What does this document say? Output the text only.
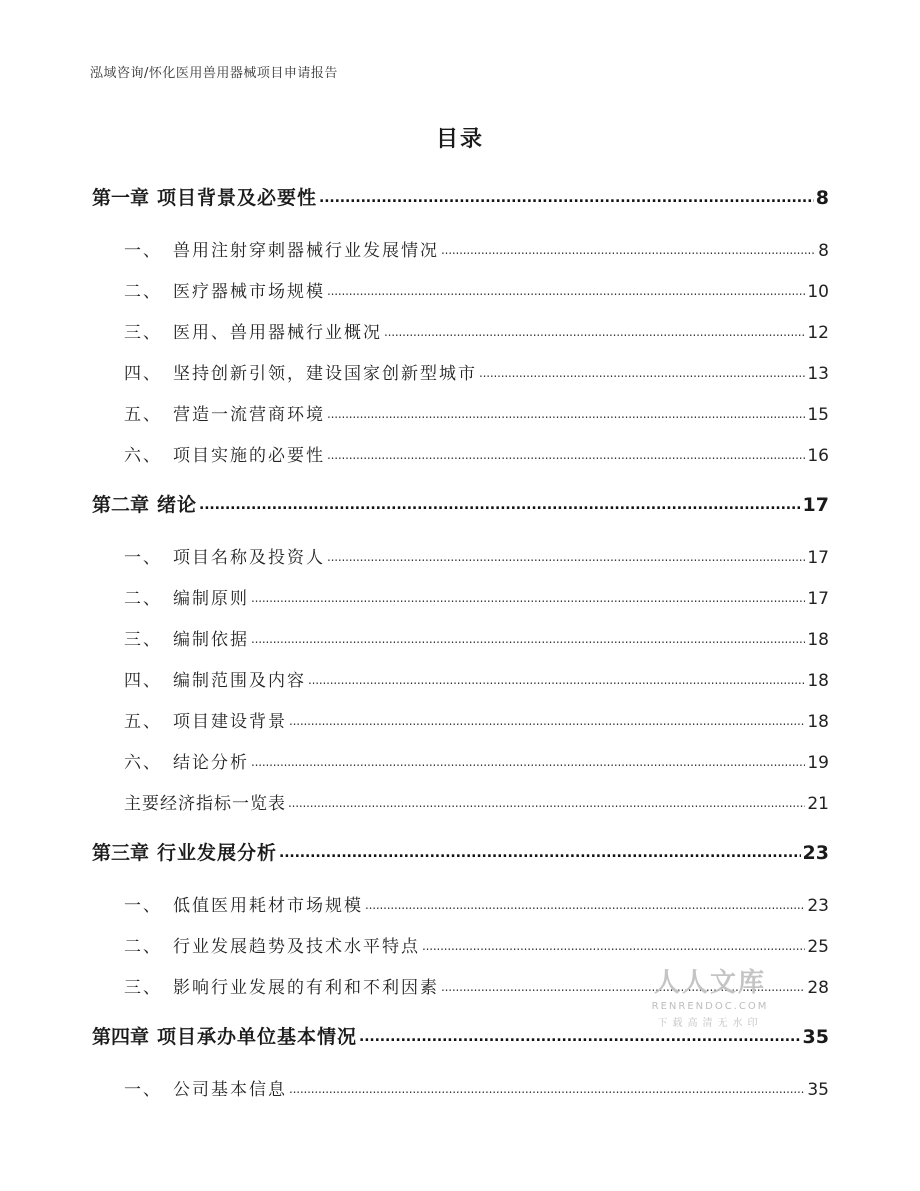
泓域咨询/怀化医用兽用器械项目申请报告
目录
第一章 项目背景及必要性 . . .	8
一、 兽用注射穿刺器械行业发展情况 . . .	8
二、 医疗器械市场规模 . . .	10
三、 医用、兽用器械行业概况 . . .	12
四、 坚持创新引领，建设国家创新型城市 . . .	13
五、 营造一流营商环境 . . .	15
六、 项目实施的必要性 . . .	16
第二章 绪论 . . .	17
一、 项目名称及投资人 . . .	17
二、 编制原则 . . .	17
三、 编制依据 . . .	18
四、 编制范围及内容 . . .	18
五、 项目建设背景 . . .	18
六、 结论分析 . . .	19
主要经济指标一览表 . . .	21
第三章 行业发展分析 . . .	23
一、 低值医用耗材市场规模 . . .	23
二、 行业发展趋势及技术水平特点 . . .	25
三、 影响行业发展的有利和不利因素 . . .	28
第四章 项目承办单位基本情况 . . .	35
一、 公司基本信息 . . .	35
人人文库
RENRENDOC.COM
下载高清无水印
